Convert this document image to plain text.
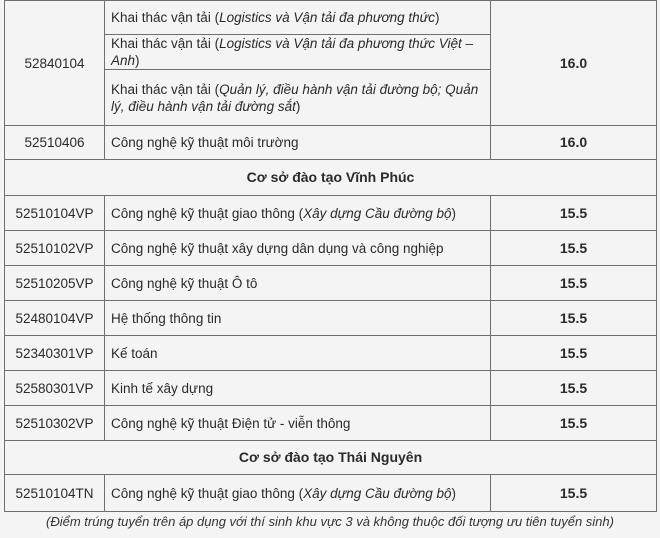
52840104	Khai thác vận tải (Logistics và Vận tải đa phương thức)	16.0
	Khai thác vận tải (Logistics và Vận tải đa phương thức Việt – Anh)	
	Khai thác vận tải (Quản lý, điều hành vận tải đường bộ; Quản lý, điều hành vận tải đường sắt)	
52510406	Công nghệ kỹ thuật môi trường	16.0
Cơ sở đào tạo Vĩnh Phúc		
52510104VP	Công nghệ kỹ thuật giao thông (Xây dựng Cầu đường bộ)	15.5
52510102VP	Công nghệ kỹ thuật xây dựng dân dụng và công nghiệp	15.5
52510205VP	Công nghệ kỹ thuật Ô tô	15.5
52480104VP	Hệ thống thông tin	15.5
52340301VP	Kế toán	15.5
52580301VP	Kinh tế xây dựng	15.5
52510302VP	Công nghệ kỹ thuật Điện tử - viễn thông	15.5
Cơ sở đào tạo Thái Nguyên		
52510104TN	Công nghệ kỹ thuật giao thông (Xây dựng Cầu đường bộ)	15.5
(Điểm trúng tuyển trên áp dụng với thí sinh khu vực 3 và không thuộc đối tượng ưu tiên tuyển sinh)
